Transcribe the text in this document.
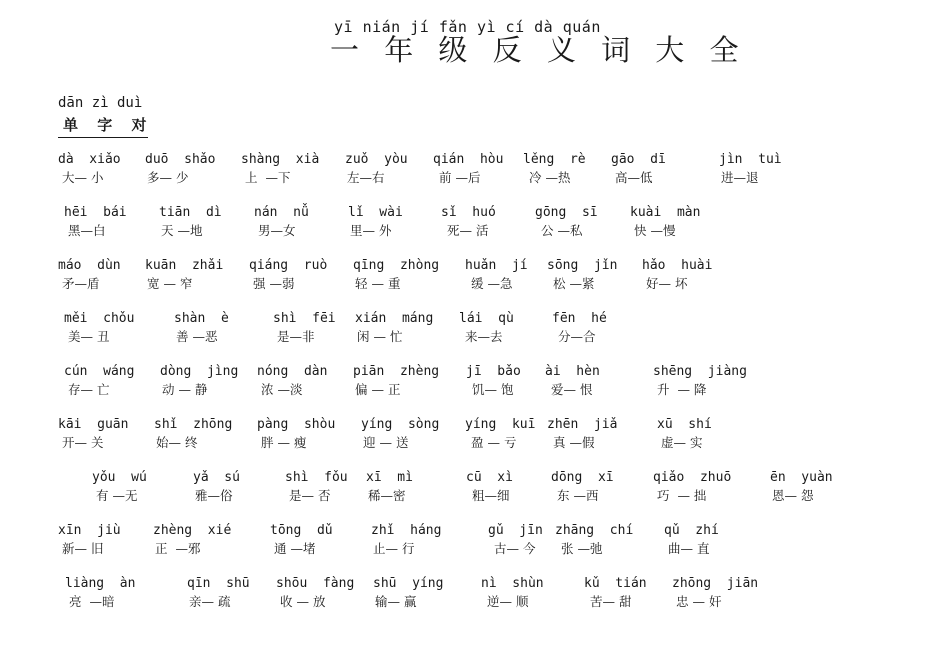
yī nián jí fǎn yì cí dà quán
一 年 级 反 义 词 大 全
dān zì duì
单 字 对
dà  xiǎo
大— 小
duō  shǎo
多— 少
shàng  xià
上  —下
zuǒ  yòu
左—右
qián  hòu
前 —后
lěng  rè
冷 —热
gāo  dī
高—低
jìn  tuì
进—退
hēi  bái
黑—白
tiān  dì
天 —地
nán  nǚ
男—女
lǐ  wài
里— 外
sǐ  huó
死— 活
gōng  sī
公 —私
kuài  màn
快 —慢
máo  dùn
矛—盾
kuān  zhǎi
宽 — 窄
qiáng  ruò
强 —弱
qīng  zhòng
轻 — 重
huǎn  jí
缓 —急
sōng  jǐn
松 —紧
hǎo  huài
好— 坏
měi  chǒu
美— 丑
shàn  è
善 —恶
shì  fēi
是—非
xián  máng
闲 — 忙
lái  qù
来—去
fēn  hé
分—合
cún  wáng
存— 亡
dòng  jìng
动 — 静
nóng  dàn
浓 —淡
piān  zhèng
偏 — 正
jī  bǎo
饥— 饱
ài  hèn
爱— 恨
shēng  jiàng
升  — 降
kāi  guān
开— 关
shǐ  zhōng
始— 终
pàng  shòu
胖 — 瘦
yíng  sòng
迎 — 送
yíng  kuī
盈 — 亏
zhēn  jiǎ
真 —假
xū  shí
虚— 实
yǒu  wú
有 —无
yǎ  sú
雅—俗
shì  fǒu
是— 否
xī  mì
稀—密
cū  xì
粗—细
dōng  xī
东 —西
qiǎo  zhuō
巧  — 拙
ēn  yuàn
恩— 怨
xīn  jiù
新— 旧
zhèng  xié
正  —邪
tōng  dǔ
通 —堵
zhǐ  háng
止— 行
gǔ  jīn
古— 今
zhāng  chí
张 —弛
qǔ  zhí
曲— 直
liàng  àn
亮  —暗
qīn  shū
亲— 疏
shōu  fàng
收 — 放
shū  yíng
输— 赢
nì  shùn
逆— 顺
kǔ  tián
苦— 甜
zhōng  jiān
忠 — 奸
